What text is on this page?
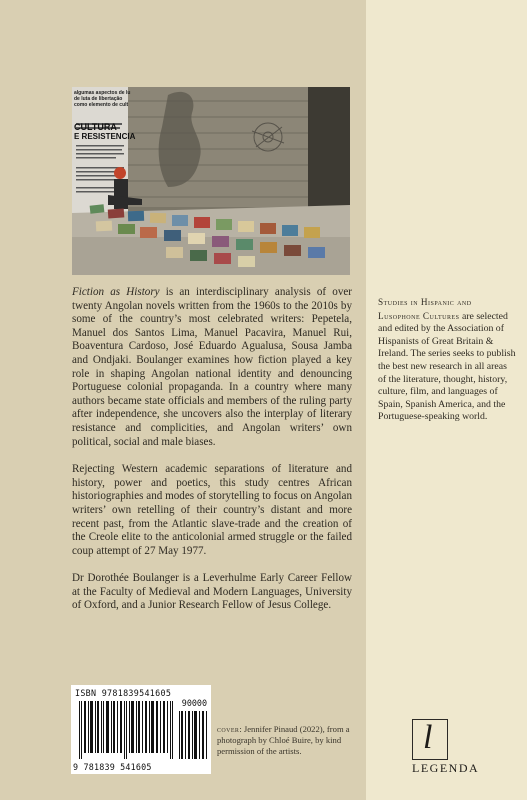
algumas aspectos de lu
de luta de libertação
como elemento de cult
CULTURA
E RESISTENCIA

Fiction as History is an interdisciplinary analysis of over twenty Angolan novels written from the 1960s to the 2010s by some of the country’s most celebrated writers: Pepetela, Manuel dos Santos Lima, Manuel Pacavira, Manuel Rui, Boaventura Cardoso, José Eduardo Agualusa, Sousa Jamba and Ondjaki. Boulanger examines how fiction played a key role in shaping Angolan national identity and denouncing Portuguese colonial propaganda. In a country where many authors became state officials and members of the ruling party after independence, she uncovers also the interplay of literary resistance and complicities, and Angolan writers’ own political, social and male biases.

Rejecting Western academic separations of literature and history, power and poetics, this study centres African historiographies and modes of storytelling to focus on Angolan writers’ own retelling of their country’s distant and more recent past, from the Atlantic slave-trade and the creation of the Creole elite to the anticolonial armed struggle or the failed coup attempt of 27 May 1977.

Dr Dorothée Boulanger is a Leverhulme Early Career Fellow at the Faculty of Medieval and Modern Languages, University of Oxford, and a Junior Research Fellow of Jesus College.

Studies in Hispanic and Lusophone Cultures are selected and edited by the Association of Hispanists of Great Britain & Ireland. The series seeks to publish the best new research in all areas of the literature, thought, history, culture, film, and languages of Spain, Spanish America, and the Portuguese-speaking world.
ISBN 9781839541605
90000
9 781839 541605
cover: Jennifer Pinaud (2022), from a photograph by Chloé Buire, by kind permission of the artists.	l
LEGENDA
